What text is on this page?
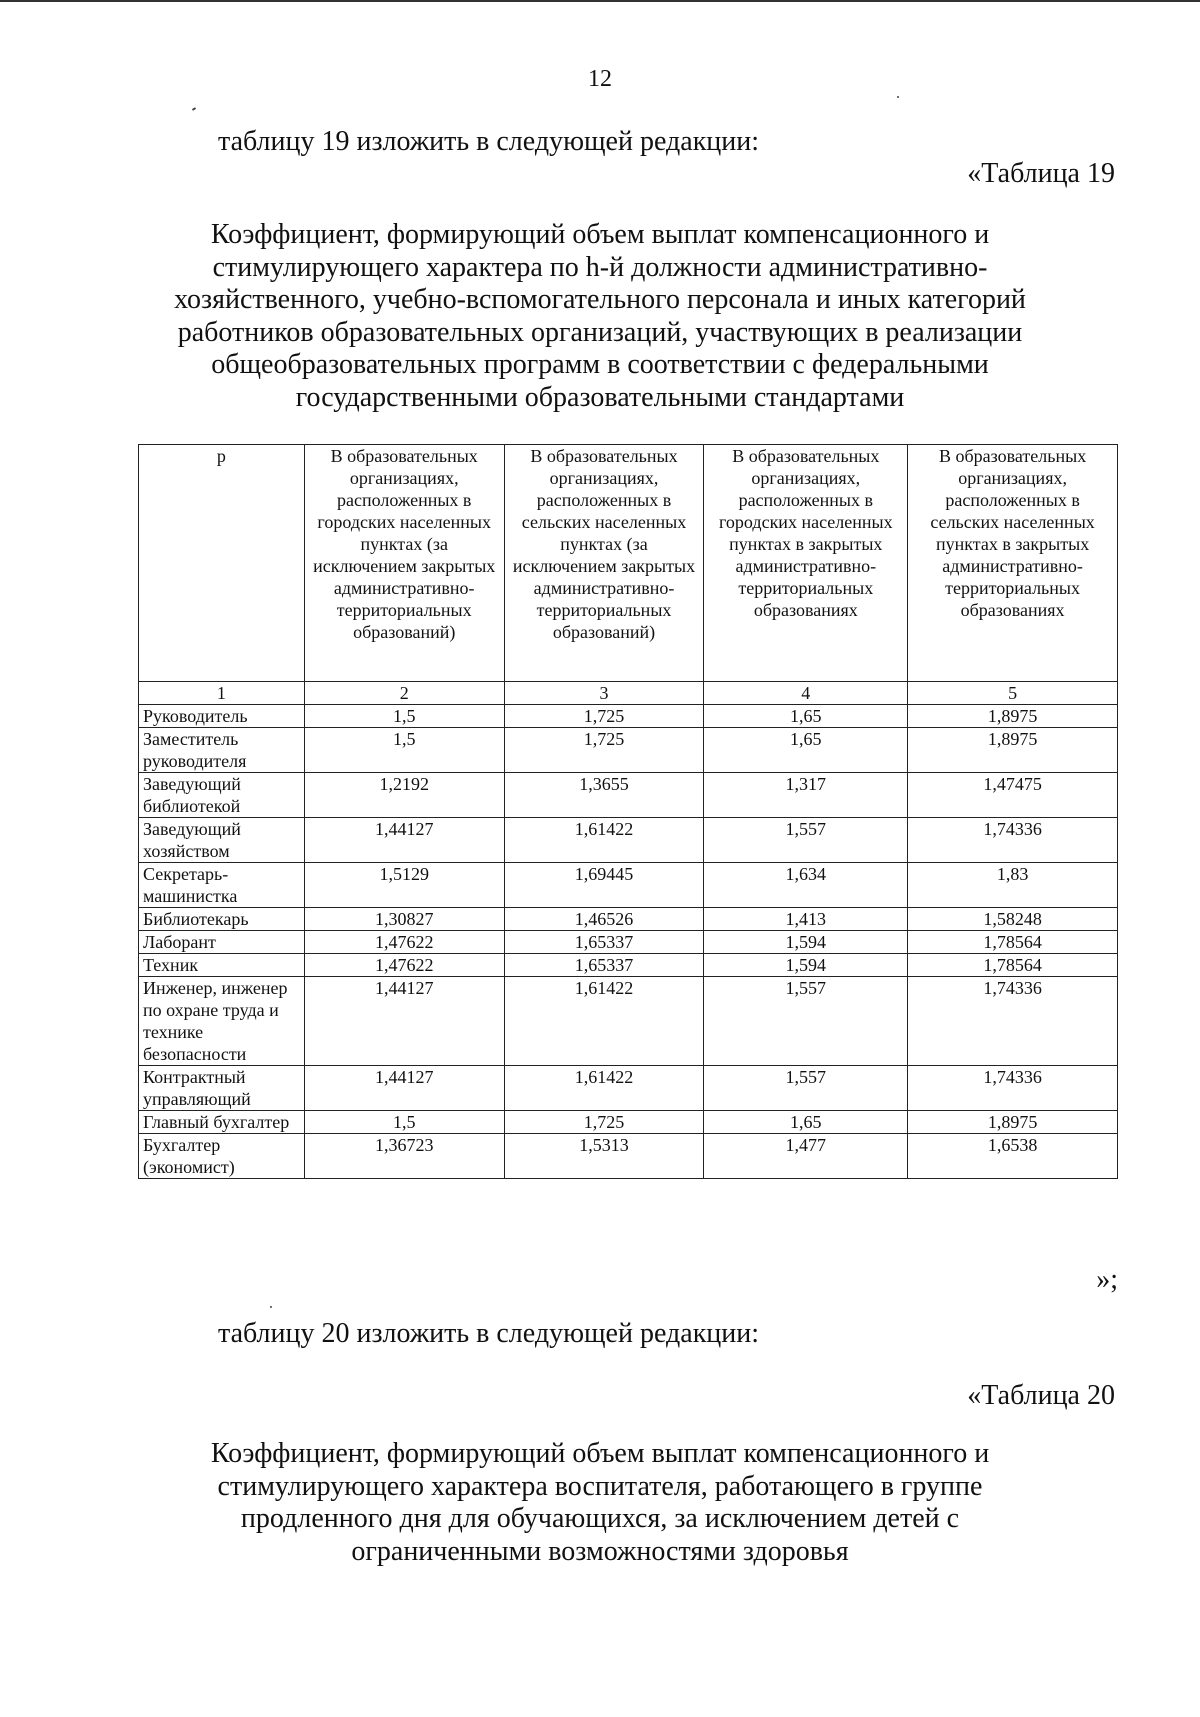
12
таблицу 19 изложить в следующей редакции:
«Таблица 19
Коэффициент, формирующий объем выплат компенсационного и стимулирующего характера по h-й должности административно-хозяйственного, учебно-вспомогательного персонала и иных категорий работников образовательных организаций, участвующих в реализации общеобразовательных программ в соответствии с федеральными государственными образовательными стандартами
р	В образовательных организациях, расположенных в городских населенных пунктах (за исключением закрытых административно-территориальных образований)	В образовательных организациях, расположенных в сельских населенных пунктах (за исключением закрытых административно-территориальных образований)	В образовательных организациях, расположенных в городских населенных пунктах в закрытых административно-территориальных образованиях	В образовательных организациях, расположенных в сельских населенных пунктах в закрытых административно-территориальных образованиях
1	2	3	4	5
Руководитель	1,5	1,725	1,65	1,8975
Заместитель руководителя	1,5	1,725	1,65	1,8975
Заведующий библиотекой	1,2192	1,3655	1,317	1,47475
Заведующий хозяйством	1,44127	1,61422	1,557	1,74336
Секретарь-машинистка	1,5129	1,69445	1,634	1,83
Библиотекарь	1,30827	1,46526	1,413	1,58248
Лаборант	1,47622	1,65337	1,594	1,78564
Техник	1,47622	1,65337	1,594	1,78564
Инженер, инженер по охране труда и технике безопасности	1,44127	1,61422	1,557	1,74336
Контрактный управляющий	1,44127	1,61422	1,557	1,74336
Главный бухгалтер	1,5	1,725	1,65	1,8975
Бухгалтер (экономист)	1,36723	1,5313	1,477	1,6538
»;
таблицу 20 изложить в следующей редакции:
«Таблица 20
Коэффициент, формирующий объем выплат компенсационного и стимулирующего характера воспитателя, работающего в группе продленного дня для обучающихся, за исключением детей с ограниченными возможностями здоровья
